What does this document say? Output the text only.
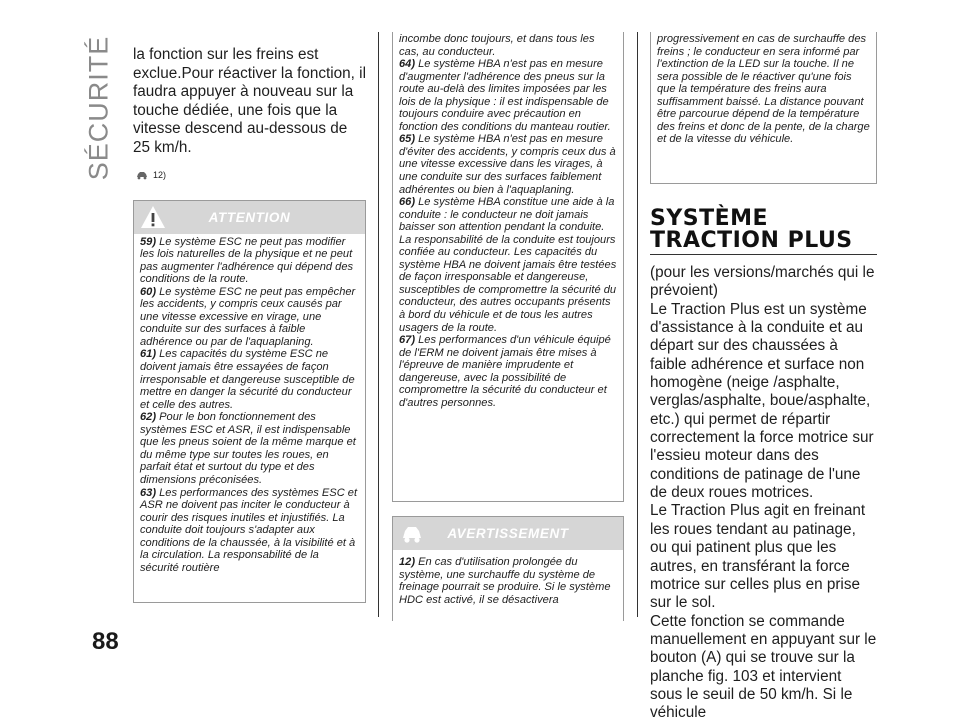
SÉCURITÉ
88

la fonction sur les freins est exclue.Pour réactiver la fonction, il faudra appuyer à nouveau sur la touche dédiée, une fois que la vitesse descend au-dessous de 25 km/h.

12)
ATTENTION

59) Le système ESC ne peut pas modifier les lois naturelles de la physique et ne peut pas augmenter l'adhérence qui dépend des conditions de la route.

60) Le système ESC ne peut pas empêcher les accidents, y compris ceux causés par une vitesse excessive en virage, une conduite sur des surfaces à faible adhérence ou par de l'aquaplaning.

61) Les capacités du système ESC ne doivent jamais être essayées de façon irresponsable et dangereuse susceptible de mettre en danger la sécurité du conducteur et celle des autres.

62) Pour le bon fonctionnement des systèmes ESC et ASR, il est indispensable que les pneus soient de la même marque et du même type sur toutes les roues, en parfait état et surtout du type et des dimensions préconisées.

63) Les performances des systèmes ESC et ASR ne doivent pas inciter le conducteur à courir des risques inutiles et injustifiés. La conduite doit toujours s'adapter aux conditions de la chaussée, à la visibilité et à la circulation. La responsabilité de la sécurité routière

incombe donc toujours, et dans tous les cas, au conducteur.

64) Le système HBA n'est pas en mesure d'augmenter l'adhérence des pneus sur la route au-delà des limites imposées par les lois de la physique : il est indispensable de toujours conduire avec précaution en fonction des conditions du manteau routier.

65) Le système HBA n'est pas en mesure d'éviter des accidents, y compris ceux dus à une vitesse excessive dans les virages, à une conduite sur des surfaces faiblement adhérentes ou bien à l'aquaplaning.

66) Le système HBA constitue une aide à la conduite : le conducteur ne doit jamais baisser son attention pendant la conduite. La responsabilité de la conduite est toujours confiée au conducteur. Les capacités du système HBA ne doivent jamais être testées de façon irresponsable et dangereuse, susceptibles de compromettre la sécurité du conducteur, des autres occupants présents à bord du véhicule et de tous les autres usagers de la route.

67) Les performances d'un véhicule équipé de l'ERM ne doivent jamais être mises à l'épreuve de manière imprudente et dangereuse, avec la possibilité de compromettre la sécurité du conducteur et d'autres personnes.

AVERTISSEMENT

12) En cas d'utilisation prolongée du système, une surchauffe du système de freinage pourrait se produire. Si le système HDC est activé, il se désactivera

progressivement en cas de surchauffe des freins ; le conducteur en sera informé par l'extinction de la LED sur la touche. Il ne sera possible de le réactiver qu'une fois que la température des freins aura suffisamment baissé. La distance pouvant être parcourue dépend de la température des freins et donc de la pente, de la charge et de la vitesse du véhicule.

SYSTÈME TRACTION PLUS

(pour les versions/marchés qui le prévoient)

Le Traction Plus est un système d'assistance à la conduite et au départ sur des chaussées à faible adhérence et surface non homogène (neige /asphalte, verglas/asphalte, boue/asphalte, etc.) qui permet de répartir correctement la force motrice sur l'essieu moteur dans des conditions de patinage de l'une de deux roues motrices.

Le Traction Plus agit en freinant les roues tendant au patinage, ou qui patinent plus que les autres, en transférant la force motrice sur celles plus en prise sur le sol.

Cette fonction se commande manuellement en appuyant sur le bouton (A) qui se trouve sur la planche fig. 103 et intervient sous le seuil de 50 km/h. Si le véhicule
